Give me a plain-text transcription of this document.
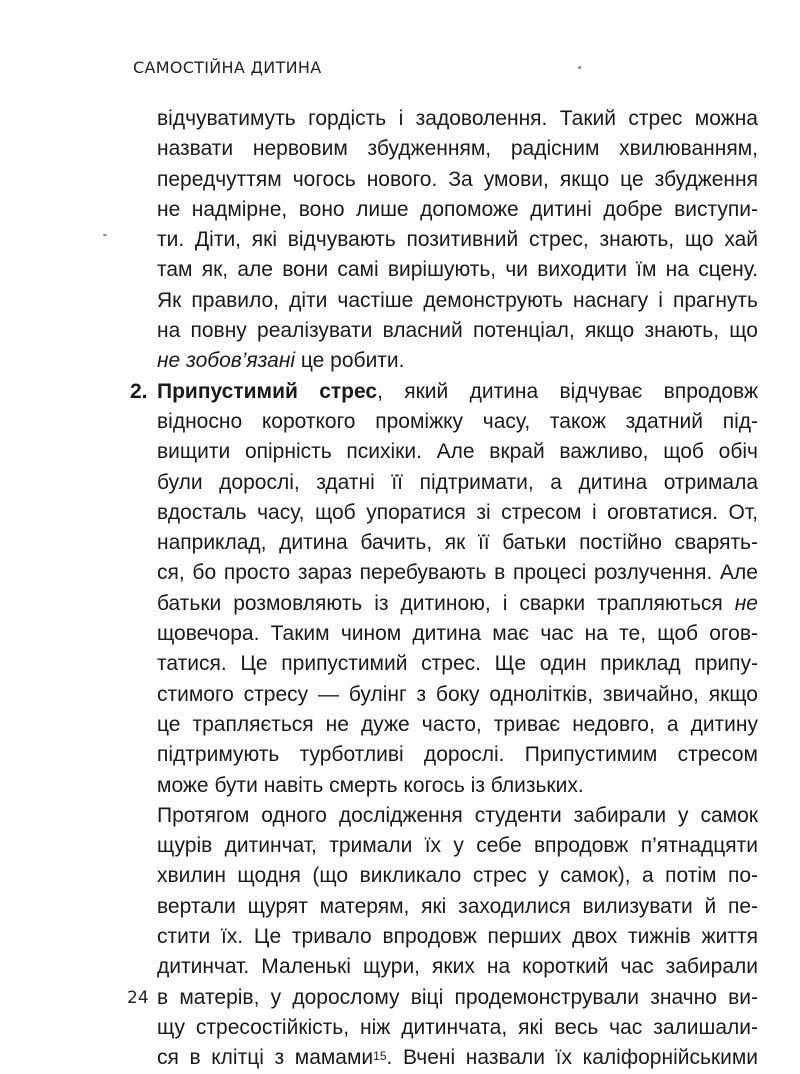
САМОСТІЙНА ДИТИНА

відчуватимуть гордість і задоволення. Такий стрес можна

назвати нервовим збудженням, радісним хвилюванням,

передчуттям чогось нового. За умови, якщо це збудження

не надмірне, воно лише допоможе дитині добре виступи-

ти. Діти, які відчувають позитивний стрес, знають, що хай

там як, але вони самі вирішують, чи виходити їм на сцену.

Як правило, діти частіше демонструють наснагу і прагнуть

на повну реалізувати власний потенціал, якщо знають, що

не зобов’язані це робити.

2. Припустимий стрес, який дитина відчуває впродовж

відносно короткого проміжку часу, також здатний під-

вищити опірність психіки. Але вкрай важливо, щоб обіч

були дорослі, здатні її підтримати, а дитина отримала

вдосталь часу, щоб упоратися зі стресом і оговтатися. От,

наприклад, дитина бачить, як її батьки постійно сварять-

ся, бо просто зараз перебувають в процесі розлучення. Але

батьки розмовляють із дитиною, і сварки трапляються не

щовечора. Таким чином дитина має час на те, щоб огов-

татися. Це припустимий стрес. Ще один приклад припу-

стимого стресу — булінг з боку однолітків, звичайно, якщо

це трапляється не дуже часто, триває недовго, а дитину

підтримують турботливі дорослі. Припустимим стресом

може бути навіть смерть когось із близьких.

Протягом одного дослідження студенти забирали у самок

щурів дитинчат, тримали їх у себе впродовж п’ятнадцяти

хвилин щодня (що викликало стрес у самок), а потім по-

вертали щурят матерям, які заходилися вилизувати й пе-

стити їх. Це тривало впродовж перших двох тижнів життя

дитинчат. Маленькі щури, яких на короткий час забирали

в матерів, у дорослому віці продемонстрували значно ви-

щу стресостійкість, ніж дитинчата, які весь час залишали-

ся в клітці з мамами$^{15}$. Вчені назвали їх каліфорнійськими

24
